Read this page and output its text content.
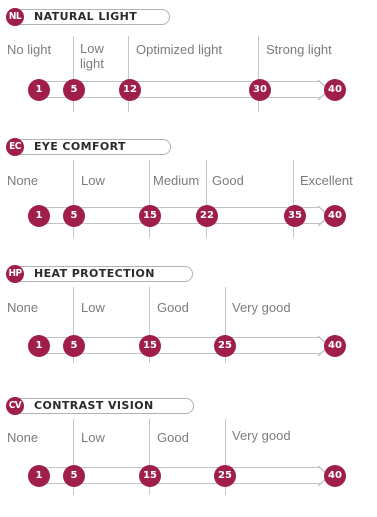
NL NATURAL LIGHT
No light Low
light
Optimized light	Strong light
1	5	12	30	40
EC EYE COMFORT
None	Low	Medium Good	Excellent
1	5	15	22	35	40
HP HEAT PROTECTION
None	Low	Good	Very good
1	5	15	25	40
CV CONTRAST VISION
None	Low	Good	Very good
1	5	15	25	40
